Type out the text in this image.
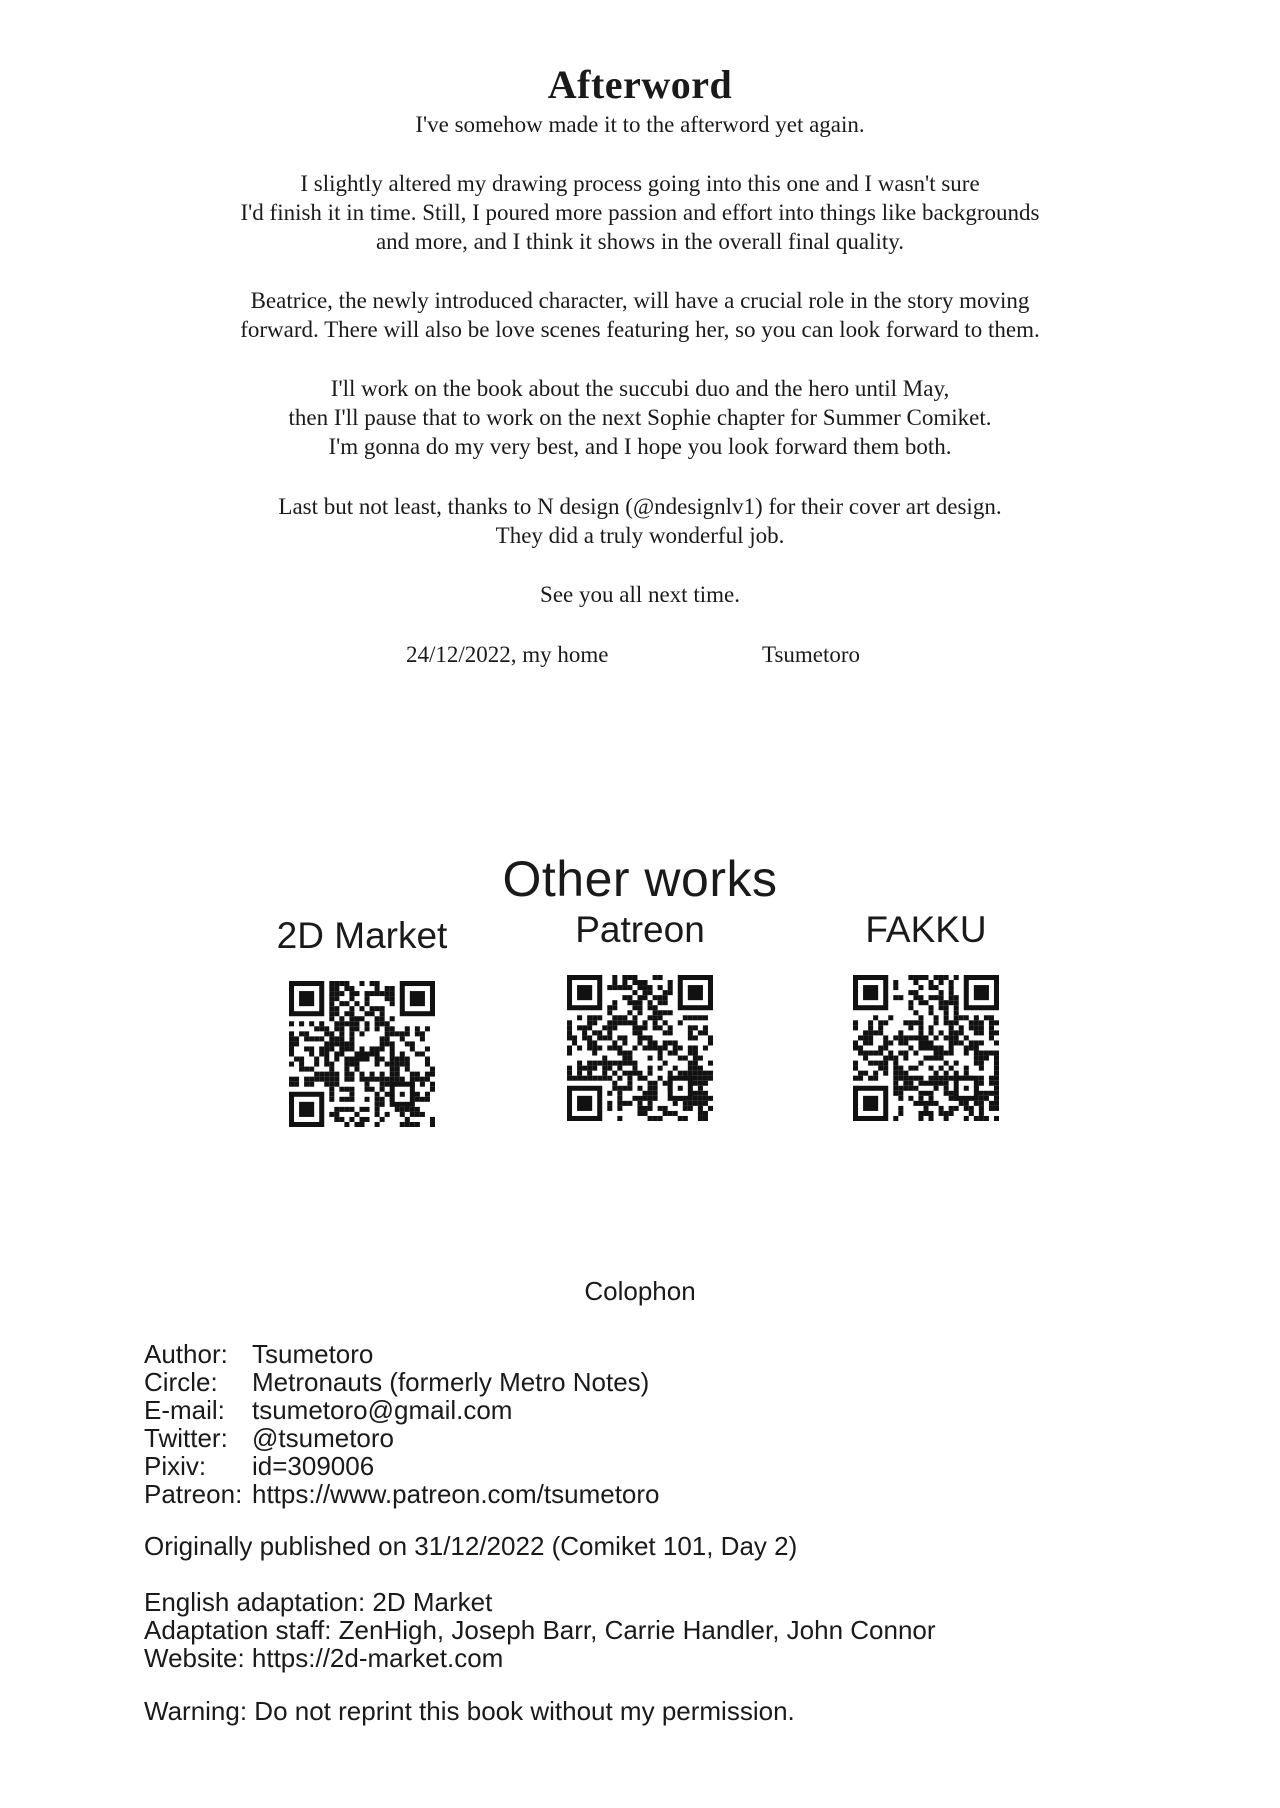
Afterword
I've somehow made it to the afterword yet again.
I slightly altered my drawing process going into this one and I wasn't sure
I'd finish it in time. Still, I poured more passion and effort into things like backgrounds
and more, and I think it shows in the overall final quality.
Beatrice, the newly introduced character, will have a crucial role in the story moving
forward. There will also be love scenes featuring her, so you can look forward to them.
I'll work on the book about the succubi duo and the hero until May,
then I'll pause that to work on the next Sophie chapter for Summer Comiket.
I'm gonna do my very best, and I hope you look forward them both.
Last but not least, thanks to N design (@ndesignlv1) for their cover art design.
They did a truly wonderful job.
See you all next time.
24/12/2022, my home	Tsumetoro
Other works
2D Market	Patreon	FAKKU
Colophon
Author: Tsumetoro
Circle: Metronauts (formerly Metro Notes)
E-mail: tsumetoro@gmail.com
Twitter: @tsumetoro
Pixiv: id=309006
Patreon: https://www.patreon.com/tsumetoro
Originally published on 31/12/2022 (Comiket 101, Day 2)
English adaptation: 2D Market
Adaptation staff: ZenHigh, Joseph Barr, Carrie Handler, John Connor
Website: https://2d-market.com
Warning: Do not reprint this book without my permission.
